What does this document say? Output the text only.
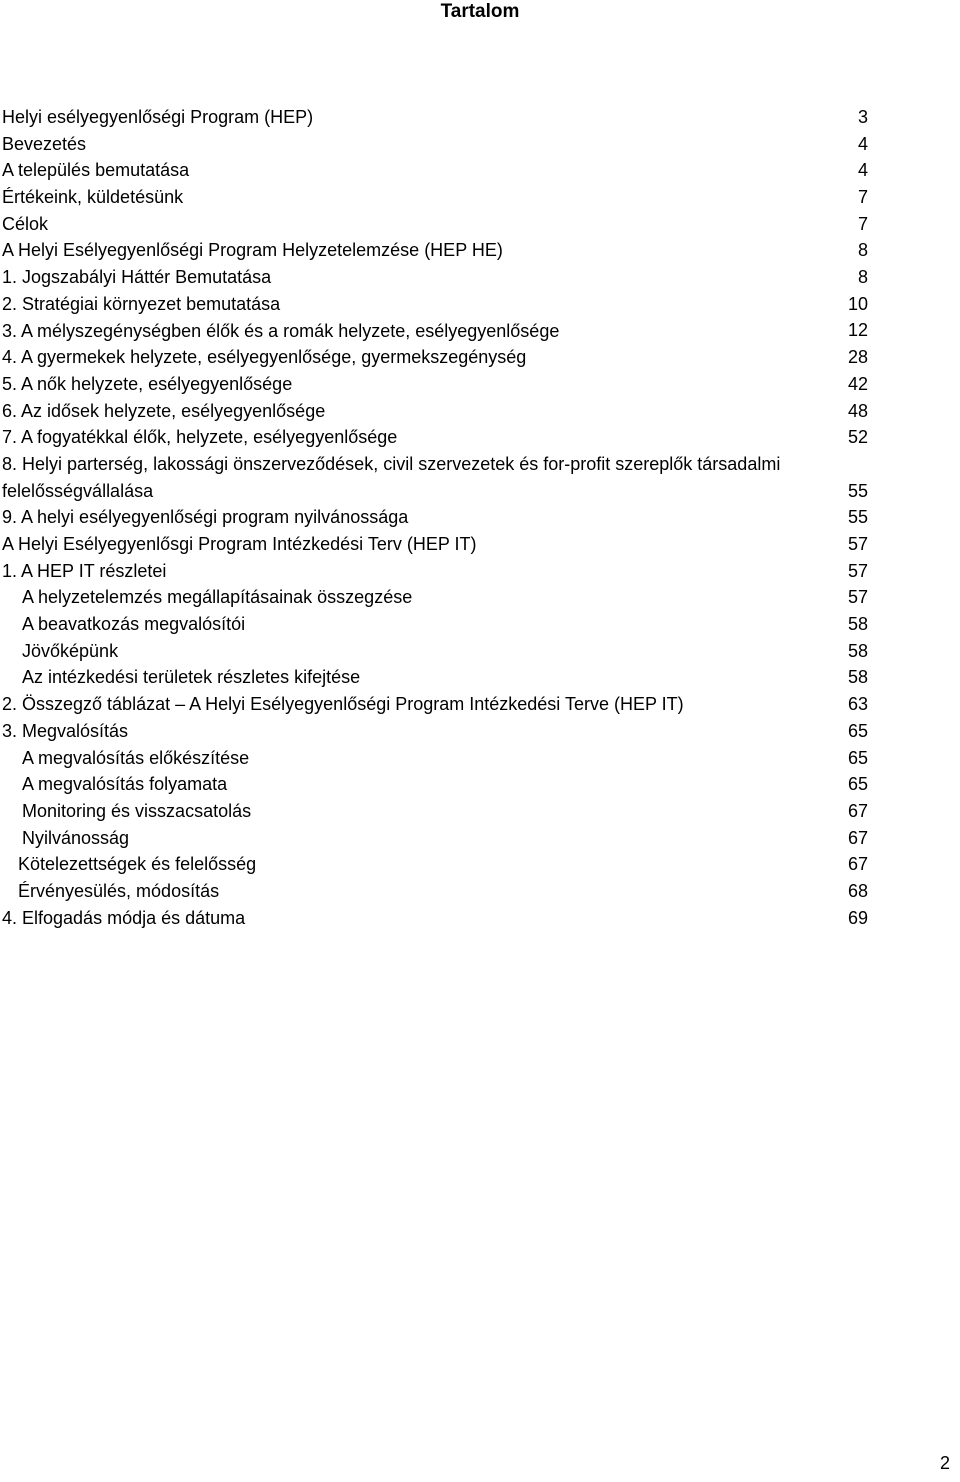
Tartalom
Helyi esélyegyenlőségi Program (HEP)	3
Bevezetés	4
A település bemutatása	4
Értékeink, küldetésünk	7
Célok	7
A Helyi Esélyegyenlőségi Program Helyzetelemzése (HEP HE)	8
1. Jogszabályi Háttér Bemutatása	8
2. Stratégiai környezet bemutatása	10
3. A mélyszegénységben élők és a romák helyzete, esélyegyenlősége	12
4. A gyermekek helyzete, esélyegyenlősége, gyermekszegénység	28
5. A nők helyzete, esélyegyenlősége	42
6. Az idősek helyzete, esélyegyenlősége	48
7. A fogyatékkal élők, helyzete, esélyegyenlősége	52
8. Helyi parterség, lakossági önszerveződések, civil szervezetek és for-profit szereplők társadalmi felelősségvállalása	55
9. A helyi esélyegyenlőségi program nyilvánossága	55
A Helyi Esélyegyenlősgi Program Intézkedési Terv (HEP IT)	57
1. A HEP IT részletei	57
A helyzetelemzés megállapításainak összegzése	57
A beavatkozás megvalósítói	58
Jövőképünk	58
Az intézkedési területek részletes kifejtése	58
2. Összegző táblázat – A Helyi Esélyegyenlőségi Program Intézkedési Terve (HEP IT)	63
3. Megvalósítás	65
A megvalósítás előkészítése	65
A megvalósítás folyamata	65
Monitoring és visszacsatolás	67
Nyilvánosság	67
Kötelezettségek és felelősség	67
Érvényesülés, módosítás	68
4. Elfogadás módja és dátuma	69
2
